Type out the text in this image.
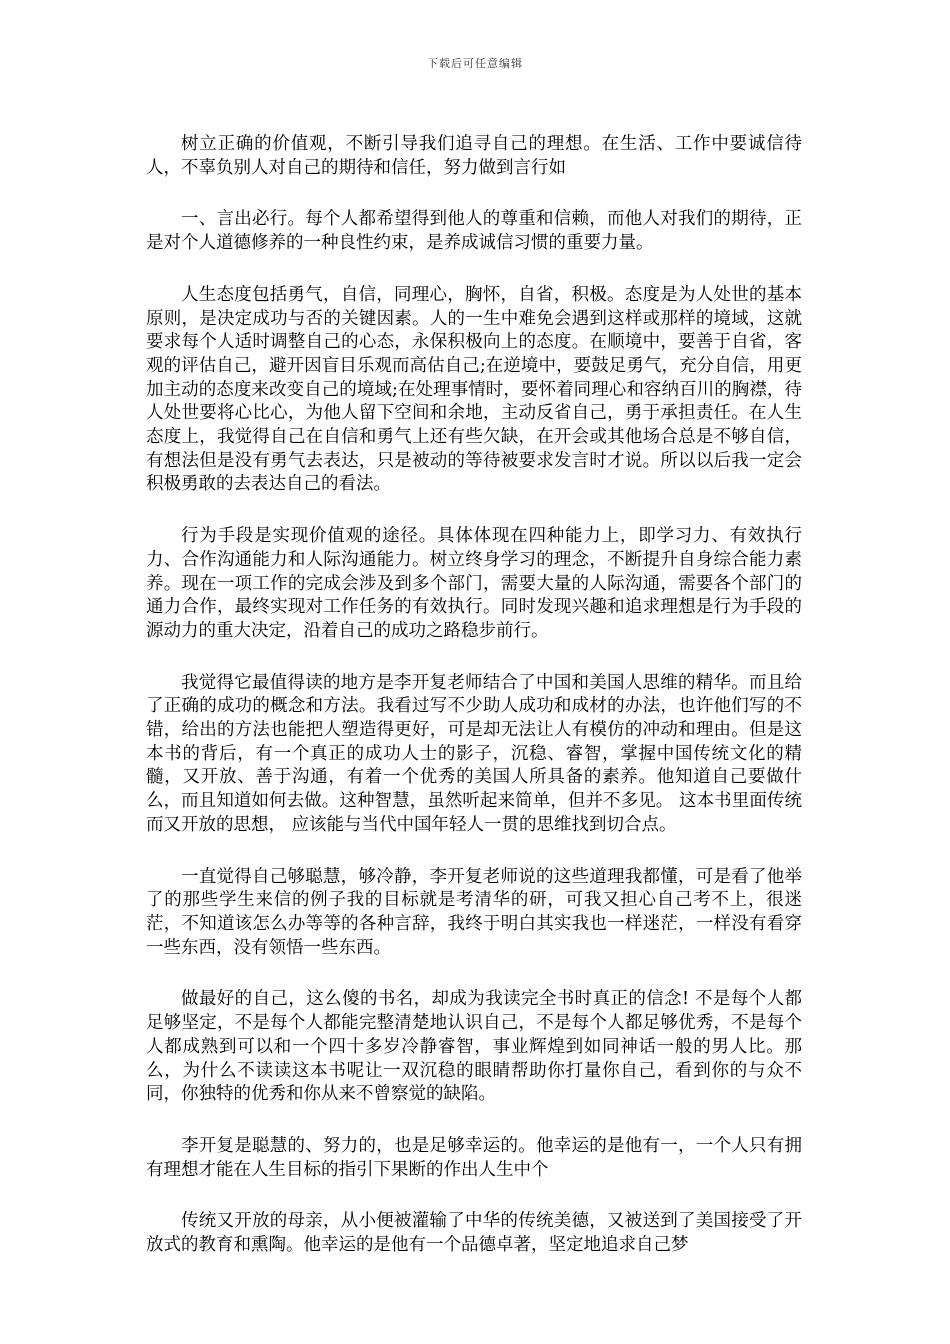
下载后可任意编辑

树立正确的价值观，不断引导我们追寻自己的理想。在生活、工作中要诚信待人，不辜负别人对自己的期待和信任，努力做到言行如

一、言出必行。每个人都希望得到他人的尊重和信赖，而他人对我们的期待，正是对个人道德修养的一种良性约束，是养成诚信习惯的重要力量。

人生态度包括勇气，自信，同理心，胸怀，自省，积极。态度是为人处世的基本原则，是决定成功与否的关键因素。人的一生中难免会遇到这样或那样的境域，这就要求每个人适时调整自己的心态，永保积极向上的态度。在顺境中，要善于自省，客观的评估自己，避开因盲目乐观而高估自己;在逆境中，要鼓足勇气，充分自信，用更加主动的态度来改变自己的境域;在处理事情时，要怀着同理心和容纳百川的胸襟，待人处世要将心比心，为他人留下空间和余地，主动反省自己，勇于承担责任。在人生态度上，我觉得自己在自信和勇气上还有些欠缺，在开会或其他场合总是不够自信，有想法但是没有勇气去表达，只是被动的等待被要求发言时才说。所以以后我一定会积极勇敢的去表达自己的看法。

行为手段是实现价值观的途径。具体体现在四种能力上，即学习力、有效执行力、合作沟通能力和人际沟通能力。树立终身学习的理念，不断提升自身综合能力素养。现在一项工作的完成会涉及到多个部门，需要大量的人际沟通，需要各个部门的通力合作，最终实现对工作任务的有效执行。同时发现兴趣和追求理想是行为手段的源动力的重大决定，沿着自己的成功之路稳步前行。

我觉得它最值得读的地方是李开复老师结合了中国和美国人思维的精华。而且给了正确的成功的概念和方法。我看过写不少助人成功和成材的办法，也许他们写的不错，给出的方法也能把人塑造得更好，可是却无法让人有模仿的冲动和理由。但是这本书的背后，有一个真正的成功人士的影子，沉稳、睿智，掌握中国传统文化的精髓，又开放、善于沟通，有着一个优秀的美国人所具备的素养。他知道自己要做什么，而且知道如何去做。这种智慧，虽然听起来简单，但并不多见。 这本书里面传统而又开放的思想， 应该能与当代中国年轻人一贯的思维找到切合点。

一直觉得自己够聪慧，够冷静，李开复老师说的这些道理我都懂，可是看了他举了的那些学生来信的例子我的目标就是考清华的研，可我又担心自己考不上，很迷茫，不知道该怎么办等等的各种言辞，我终于明白其实我也一样迷茫，一样没有看穿一些东西，没有领悟一些东西。

做最好的自己，这么傻的书名，却成为我读完全书时真正的信念! 不是每个人都足够坚定，不是每个人都能完整清楚地认识自己，不是每个人都足够优秀，不是每个人都成熟到可以和一个四十多岁冷静睿智，事业辉煌到如同神话一般的男人比。那么，为什么不读读这本书呢让一双沉稳的眼睛帮助你打量你自己，看到你的与众不同，你独特的优秀和你从来不曾察觉的缺陷。

李开复是聪慧的、努力的，也是足够幸运的。他幸运的是他有一，一个人只有拥有理想才能在人生目标的指引下果断的作出人生中个

传统又开放的母亲，从小便被灌输了中华的传统美德，又被送到了美国接受了开放式的教育和熏陶。他幸运的是他有一个品德卓著，坚定地追求自己梦
